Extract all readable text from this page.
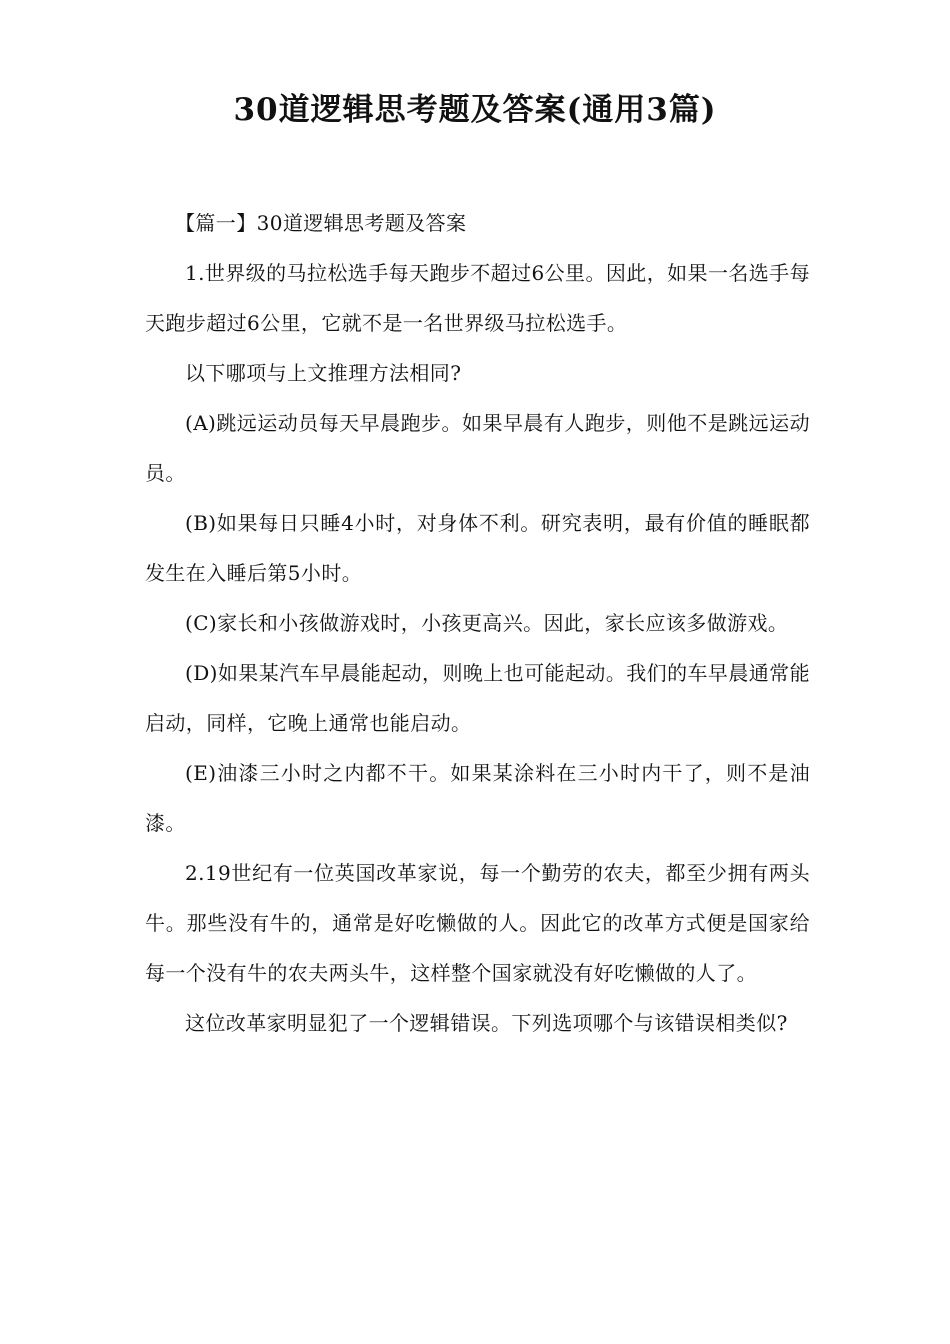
30道逻辑思考题及答案(通用3篇)

【篇一】30道逻辑思考题及答案

1.世界级的马拉松选手每天跑步不超过6公里。因此，如果一名选手每天跑步超过6公里，它就不是一名世界级马拉松选手。

以下哪项与上文推理方法相同?

(A)跳远运动员每天早晨跑步。如果早晨有人跑步，则他不是跳远运动员。

(B)如果每日只睡4小时，对身体不利。研究表明，最有价值的睡眠都发生在入睡后第5小时。

(C)家长和小孩做游戏时，小孩更高兴。因此，家长应该多做游戏。

(D)如果某汽车早晨能起动，则晚上也可能起动。我们的车早晨通常能启动，同样，它晚上通常也能启动。

(E)油漆三小时之内都不干。如果某涂料在三小时内干了，则不是油漆。

2.19世纪有一位英国改革家说，每一个勤劳的农夫，都至少拥有两头牛。那些没有牛的，通常是好吃懒做的人。因此它的改革方式便是国家给每一个没有牛的农夫两头牛，这样整个国家就没有好吃懒做的人了。

这位改革家明显犯了一个逻辑错误。下列选项哪个与该错误相类似?
